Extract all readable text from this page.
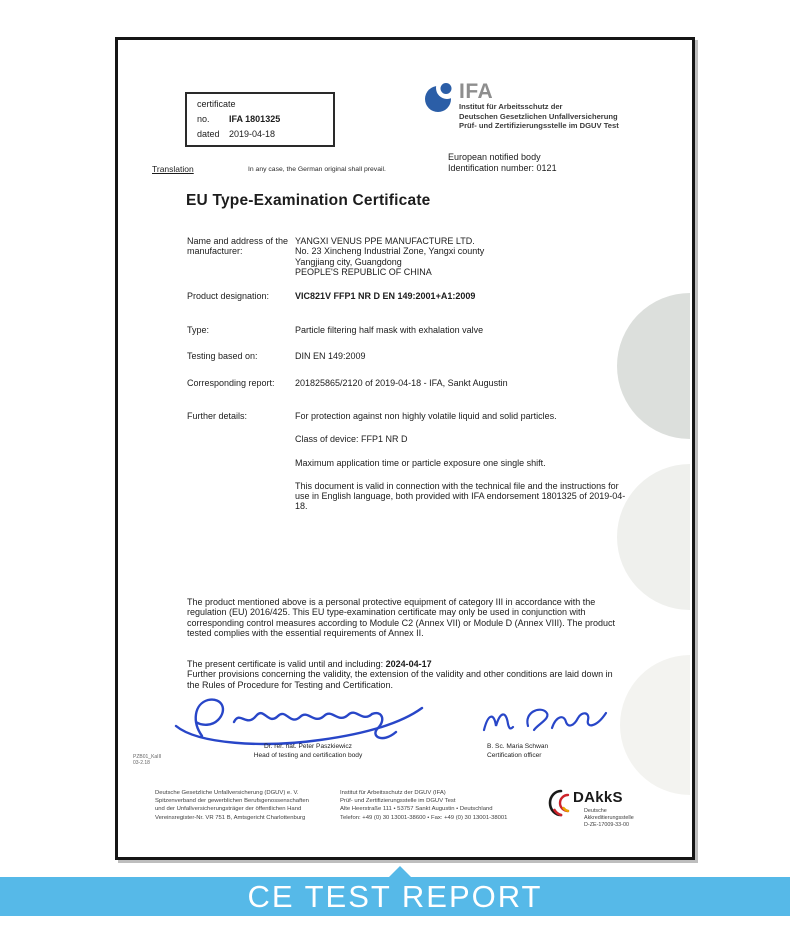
certificate
no.	IFA 1801325
dated	2019-04-18
IFA
Institut für Arbeitsschutz der
Deutschen Gesetzlichen Unfallversicherung
Prüf- und Zertifizierungsstelle im DGUV Test
European notified body
Identification number: 0121
Translation	In any case, the German original shall prevail.
EU Type-Examination Certificate
Name and address of the manufacturer:
YANGXI VENUS PPE MANUFACTURE LTD.
No. 23 Xincheng Industrial Zone, Yangxi county
Yangjiang city, Guangdong
PEOPLE'S REPUBLIC OF CHINA
Product designation:	VIC821V FFP1 NR D EN 149:2001+A1:2009
Type:	Particle filtering half mask with exhalation valve
Testing based on:	DIN EN 149:2009
Corresponding report:	201825865/2120 of 2019-04-18 - IFA, Sankt Augustin
Further details:	For protection against non highly volatile liquid and solid particles.

Class of device: FFP1 NR D

Maximum application time or particle exposure one single shift.

This document is valid in connection with the technical file and the instructions for use in English language, both provided with IFA endorsement 1801325 of 2019-04-18.

The product mentioned above is a personal protective equipment of category III in accordance with the regulation (EU) 2016/425. This EU type-examination certificate may only be used in conjunction with corresponding control measures according to Module C2 (Annex VII) or Module D (Annex VIII). The product tested complies with the essential requirements of Annex II.
The present certificate is valid until and including: 2024-04-17
Further provisions concerning the validity, the extension of the validity and other conditions are laid down in the Rules of Procedure for Testing and Certification.
Dr. rer. nat. Peter Paszkiewicz
Head of testing and certification body
B. Sc. Maria Schwan
Certification officer
PZB01_KaIII
03-2.18
Deutsche Gesetzliche Unfallversicherung (DGUV) e. V.
Spitzenverband der gewerblichen Berufsgenossenschaften
und der Unfallversicherungsträger der öffentlichen Hand
Vereinsregister-Nr. VR 751 B, Amtsgericht Charlottenburg
Institut für Arbeitsschutz der DGUV (IFA)
Prüf- und Zertifizierungsstelle im DGUV Test
Alte Heerstraße 111 • 53757 Sankt Augustin • Deutschland
Telefon: +49 (0) 30 13001-38600 • Fax: +49 (0) 30 13001-38001
DAkkS
Deutsche
Akkreditierungsstelle
D-ZE-17009-33-00
CE TEST REPORT
